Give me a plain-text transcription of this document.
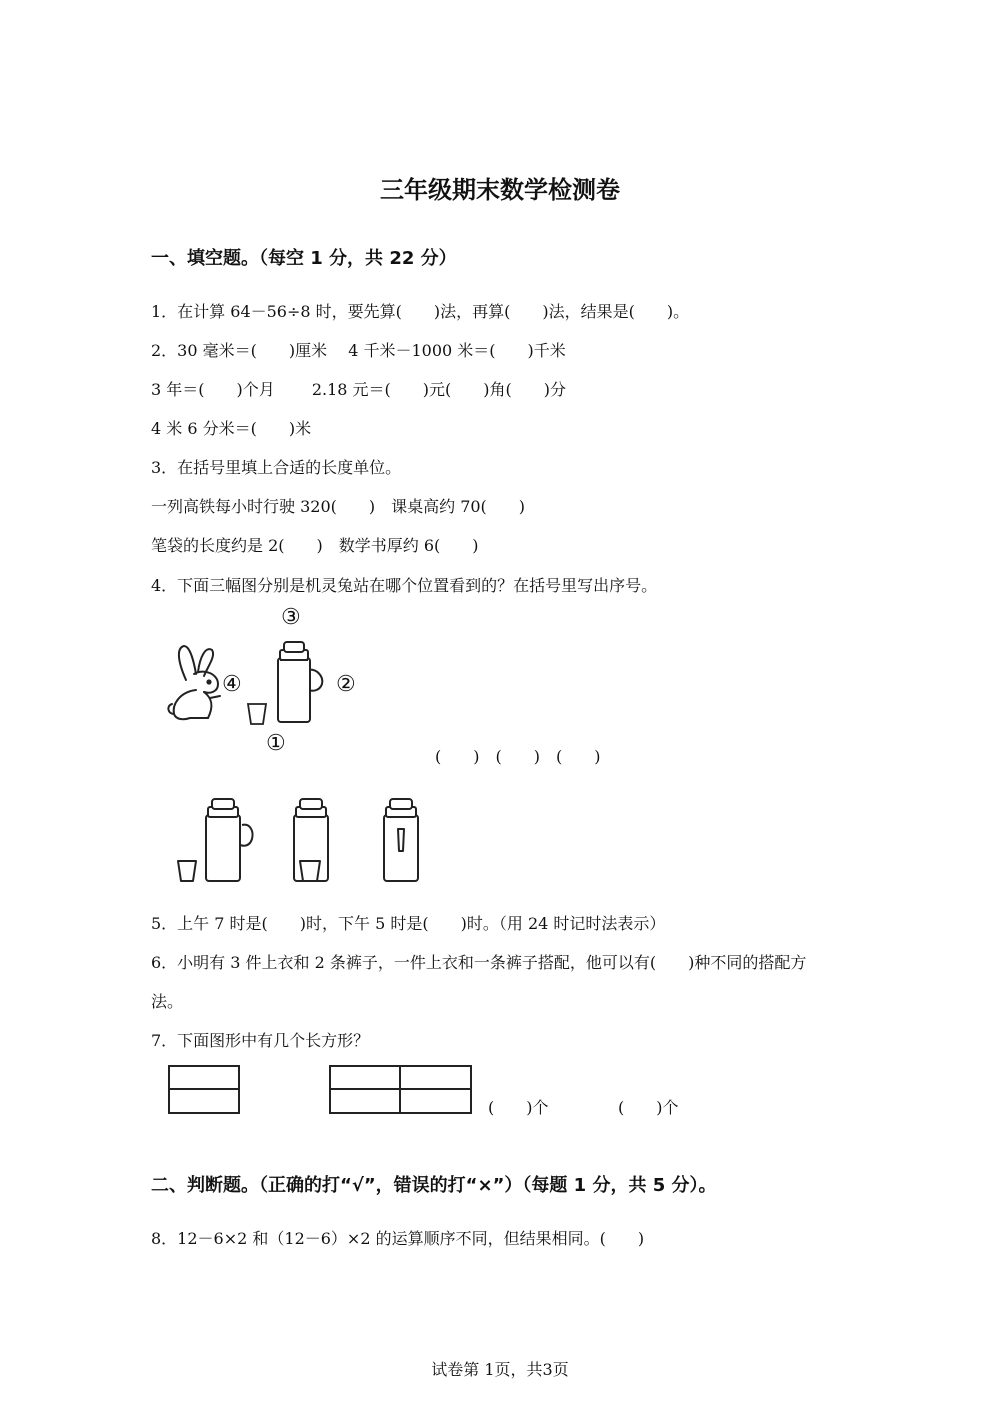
三年级期末数学检测卷
一、填空题。（每空 1 分，共 22 分）
1．在计算 64－56÷8 时，要先算(　　)法，再算(　　)法，结果是(　　)。
2．30 毫米＝(　　)厘米　 4 千米－1000 米＝(　　)千米
3 年＝(　　)个月　　 2.18 元＝(　　)元(　　)角(　　)分
4 米 6 分米＝(　　)米
3．在括号里填上合适的长度单位。
一列高铁每小时行驶 320(　　)　课桌高约 70(　　)
笔袋的长度约是 2(　　)　数学书厚约 6(　　)
4．下面三幅图分别是机灵兔站在哪个位置看到的？在括号里写出序号。
③
②
④
①
(　　)　(　　)　(　　)
5．上午 7 时是(　　)时，下午 5 时是(　　)时。（用 24 时记时法表示）
6．小明有 3 件上衣和 2 条裤子，一件上衣和一条裤子搭配，他可以有(　　)种不同的搭配方
法。
7．下面图形中有几个长方形？
(　　)个	(　　)个
二、判断题。（正确的打“√”，错误的打“×”）（每题 1 分，共 5 分）。
8．12－6×2 和（12－6）×2 的运算顺序不同，但结果相同。(　　)
试卷第 1页，共3页
